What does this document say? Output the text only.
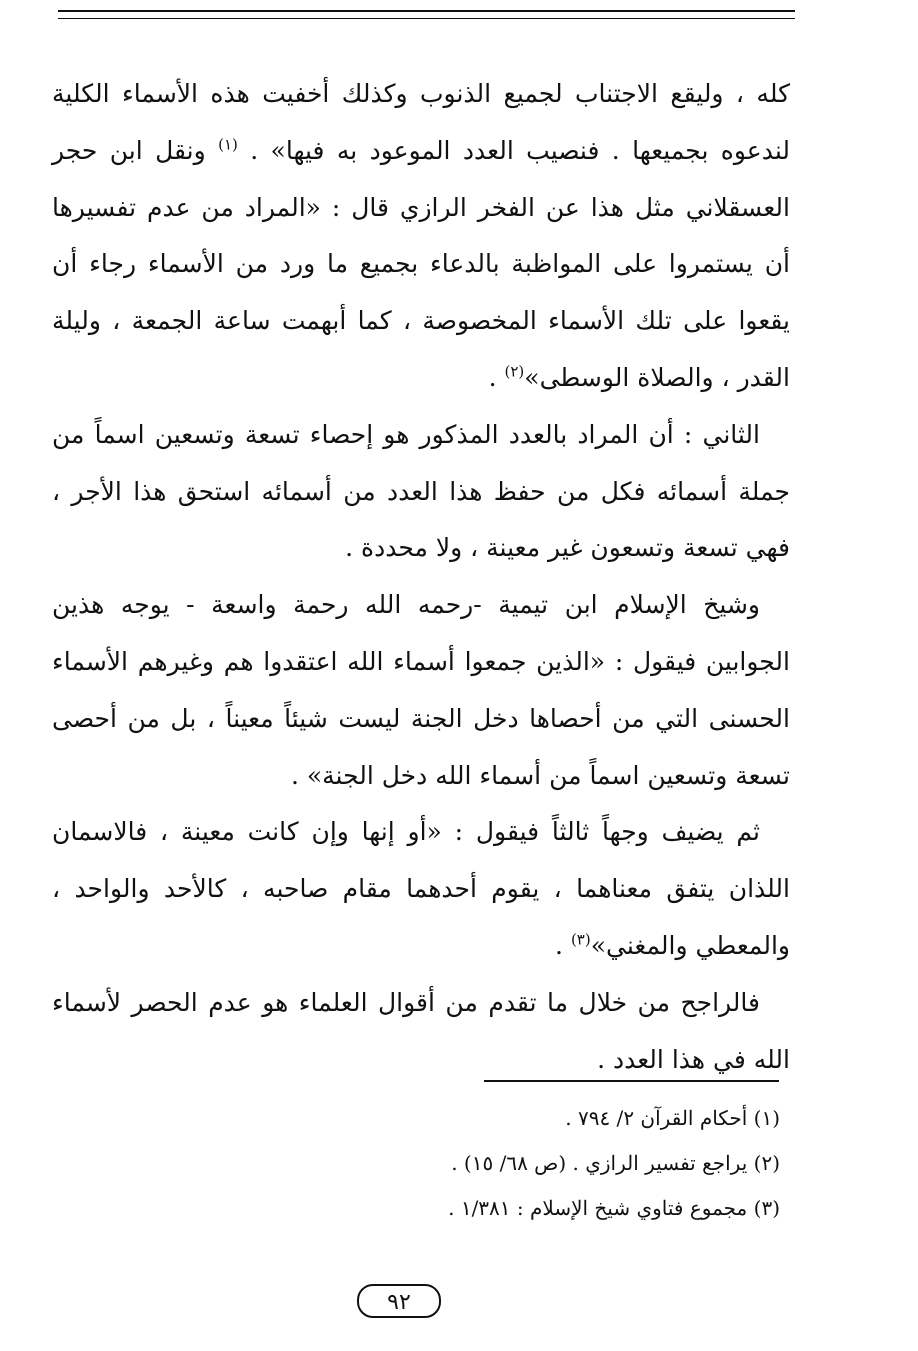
كله ، وليقع الاجتناب لجميع الذنوب وكذلك أخفيت هذه الأسماء الكلية لندعوه بجميعها . فنصيب العدد الموعود به فيها» . $^{(١)}$ ونقل ابن حجر العسقلاني مثل هذا عن الفخر الرازي قال : «المراد من عدم تفسيرها أن يستمروا على المواظبة بالدعاء بجميع ما ورد من الأسماء رجاء أن يقعوا على تلك الأسماء المخصوصة ، كما أبهمت ساعة الجمعة ، وليلة القدر ، والصلاة الوسطى»$^{(٢)}$ .

الثاني : أن المراد بالعدد المذكور هو إحصاء تسعة وتسعين اسماً من جملة أسمائه فكل من حفظ هذا العدد من أسمائه استحق هذا الأجر ، فهي تسعة وتسعون غير معينة ، ولا محددة .

وشيخ الإسلام ابن تيمية -رحمه الله رحمة واسعة - يوجه هذين الجوابين فيقول : «الذين جمعوا أسماء الله اعتقدوا هم وغيرهم الأسماء الحسنى التي من أحصاها دخل الجنة ليست شيئاً معيناً ، بل من أحصى تسعة وتسعين اسماً من أسماء الله دخل الجنة» .

ثم يضيف وجهاً ثالثاً فيقول : «أو إنها وإن كانت معينة ، فالاسمان اللذان يتفق معناهما ، يقوم أحدهما مقام صاحبه ، كالأحد والواحد ، والمعطي والمغني»$^{(٣)}$ .

فالراجح من خلال ما تقدم من أقوال العلماء هو عدم الحصر لأسماء الله في هذا العدد .

(١) أحكام القرآن ٢/ ٧٩٤ .
(٢) يراجع تفسير الرازي . (ص ٦٨/ ١٥) .
(٣) مجموع فتاوي شيخ الإسلام : ١/٣٨١ .
٩٢
